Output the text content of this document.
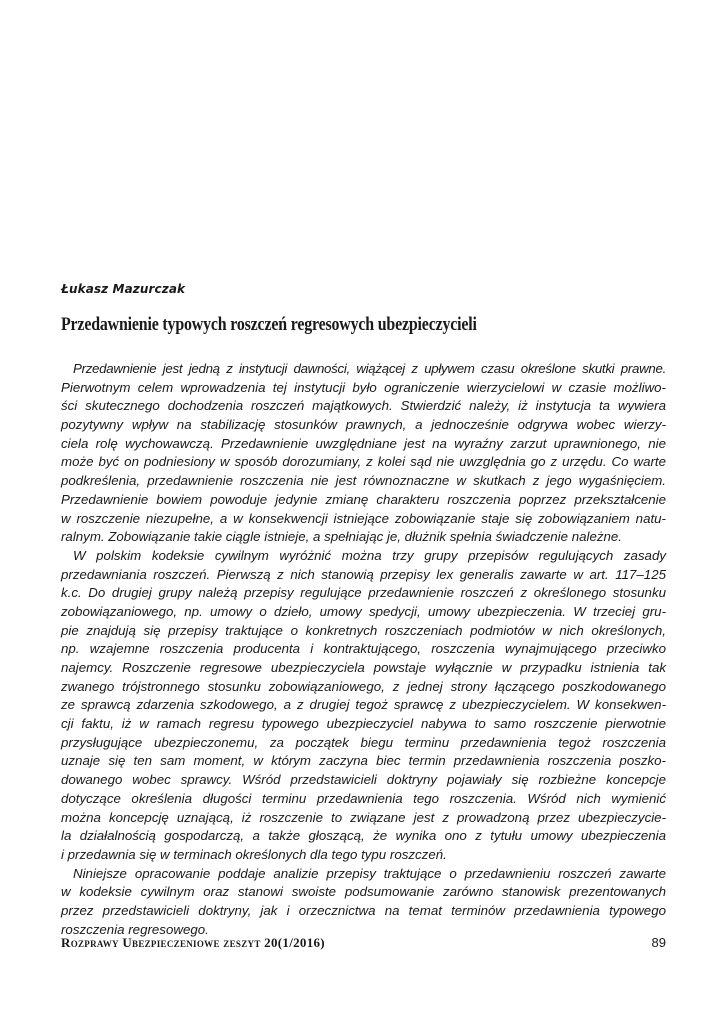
Łukasz Mazurczak
Przedawnienie typowych roszczeń regresowych ubezpieczycieli
Przedawnienie jest jedną z instytucji dawności, wiążącej z upływem czasu określone skutki prawne.
Pierwotnym celem wprowadzenia tej instytucji było ograniczenie wierzycielowi w czasie możliwo-
ści skutecznego dochodzenia roszczeń majątkowych. Stwierdzić należy, iż instytucja ta wywiera
pozytywny wpływ na stabilizację stosunków prawnych, a jednocześnie odgrywa wobec wierzy-
ciela rolę wychowawczą. Przedawnienie uwzględniane jest na wyraźny zarzut uprawnionego, nie
może być on podniesiony w sposób dorozumiany, z kolei sąd nie uwzględnia go z urzędu. Co warte
podkreślenia, przedawnienie roszczenia nie jest równoznaczne w skutkach z jego wygaśnięciem.
Przedawnienie bowiem powoduje jedynie zmianę charakteru roszczenia poprzez przekształcenie
w roszczenie niezupełne, a w konsekwencji istniejące zobowiązanie staje się zobowiązaniem natu-
ralnym. Zobowiązanie takie ciągle istnieje, a spełniając je, dłużnik spełnia świadczenie należne.
W polskim kodeksie cywilnym wyróżnić można trzy grupy przepisów regulujących zasady
przedawniania roszczeń. Pierwszą z nich stanowią przepisy lex generalis zawarte w art. 117–125
k.c. Do drugiej grupy należą przepisy regulujące przedawnienie roszczeń z określonego stosunku
zobowiązaniowego, np. umowy o dzieło, umowy spedycji, umowy ubezpieczenia. W trzeciej gru-
pie znajdują się przepisy traktujące o konkretnych roszczeniach podmiotów w nich określonych,
np. wzajemne roszczenia producenta i kontraktującego, roszczenia wynajmującego przeciwko
najemcy. Roszczenie regresowe ubezpieczyciela powstaje wyłącznie w przypadku istnienia tak
zwanego trójstronnego stosunku zobowiązaniowego, z jednej strony łączącego poszkodowanego
ze sprawcą zdarzenia szkodowego, a z drugiej tegoż sprawcę z ubezpieczycielem. W konsekwen-
cji faktu, iż w ramach regresu typowego ubezpieczyciel nabywa to samo roszczenie pierwotnie
przysługujące ubezpieczonemu, za początek biegu terminu przedawnienia tegoż roszczenia
uznaje się ten sam moment, w którym zaczyna biec termin przedawnienia roszczenia poszko-
dowanego wobec sprawcy. Wśród przedstawicieli doktryny pojawiały się rozbieżne koncepcje
dotyczące określenia długości terminu przedawnienia tego roszczenia. Wśród nich wymienić
można koncepcję uznającą, iż roszczenie to związane jest z prowadzoną przez ubezpieczycie-
la działalnością gospodarczą, a także głoszącą, że wynika ono z tytułu umowy ubezpieczenia
i przedawnia się w terminach określonych dla tego typu roszczeń.
Niniejsze opracowanie poddaje analizie przepisy traktujące o przedawnieniu roszczeń zawarte
w kodeksie cywilnym oraz stanowi swoiste podsumowanie zarówno stanowisk prezentowanych
przez przedstawicieli doktryny, jak i orzecznictwa na temat terminów przedawnienia typowego
roszczenia regresowego.
Rozprawy Ubezpieczeniowe zeszyt 20(1/2016)	89
